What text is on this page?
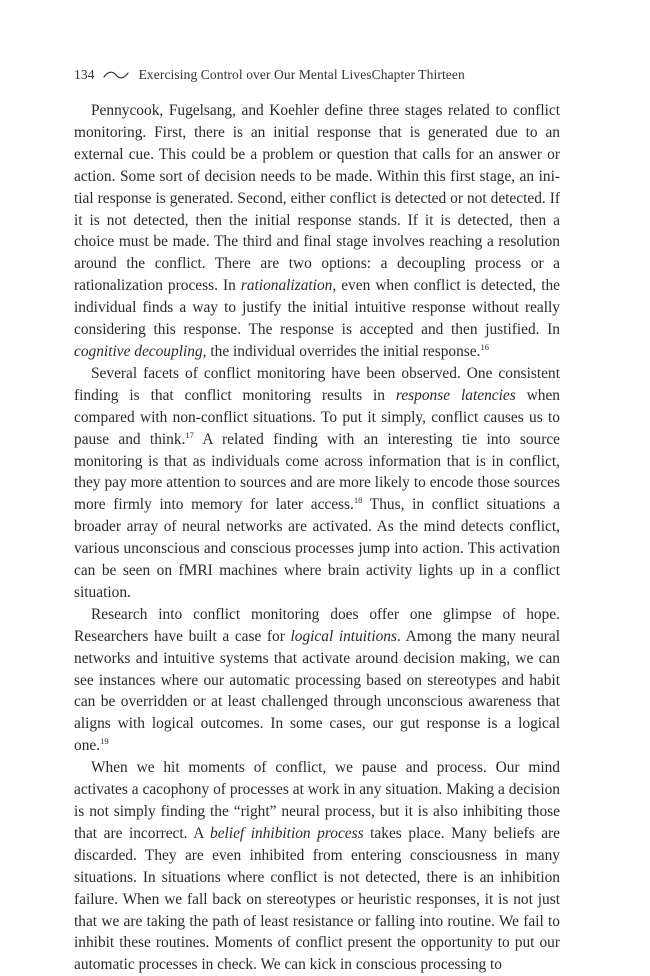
134	Exercising Control over Our Mental LivesChapter Thirteen

Pennycook, Fugelsang, and Koehler define three stages related to conflict monitoring. First, there is an initial response that is generated due to an external cue. This could be a problem or question that calls for an answer or action. Some sort of decision needs to be made. Within this first stage, an initial response is generated. Second, either conflict is detected or not detected. If it is not detected, then the initial response stands. If it is detected, then a choice must be made. The third and final stage involves reaching a resolution around the conflict. There are two options: a decoupling process or a rationalization process. In rationalization, even when conflict is detected, the individual finds a way to justify the initial intuitive response without really considering this response. The response is accepted and then justified. In cognitive decoupling, the individual overrides the initial response.$^{16}$

Several facets of conflict monitoring have been observed. One consistent finding is that conflict monitoring results in response latencies when compared with non-conflict situations. To put it simply, conflict causes us to pause and think.$^{17}$ A related finding with an interesting tie into source monitoring is that as individuals come across information that is in conflict, they pay more attention to sources and are more likely to encode those sources more firmly into memory for later access.$^{18}$ Thus, in conflict situations a broader array of neural networks are activated. As the mind detects conflict, various unconscious and conscious processes jump into action. This activation can be seen on fMRI machines where brain activity lights up in a conflict situation.

Research into conflict monitoring does offer one glimpse of hope. Researchers have built a case for logical intuitions. Among the many neural networks and intuitive systems that activate around decision making, we can see instances where our automatic processing based on stereotypes and habit can be overridden or at least challenged through unconscious awareness that aligns with logical outcomes. In some cases, our gut response is a logical one.$^{19}$

When we hit moments of conflict, we pause and process. Our mind activates a cacophony of processes at work in any situation. Making a decision is not simply finding the “right” neural process, but it is also inhibiting those that are incorrect. A belief inhibition process takes place. Many beliefs are discarded. They are even inhibited from entering consciousness in many situations. In situations where conflict is not detected, there is an inhibition failure. When we fall back on stereotypes or heuristic responses, it is not just that we are taking the path of least resistance or falling into routine. We fail to inhibit these routines. Moments of conflict present the opportunity to put our automatic processes in check. We can kick in conscious processing to
